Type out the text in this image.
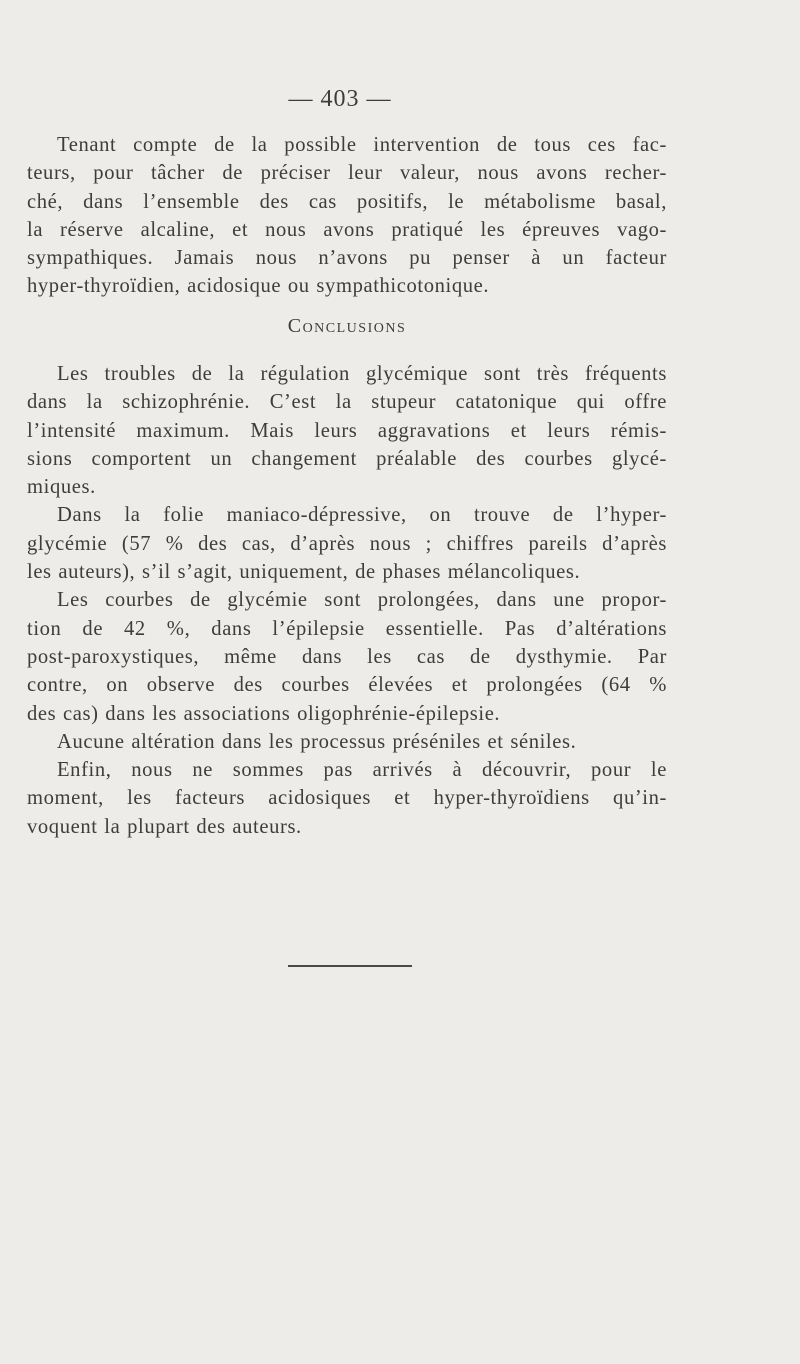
— 403 —
Tenant compte de la possible intervention de tous ces fac-
teurs, pour tâcher de préciser leur valeur, nous avons recher-
ché, dans l’ensemble des cas positifs, le métabolisme basal,
la réserve alcaline, et nous avons pratiqué les épreuves vago-
sympathiques. Jamais nous n’avons pu penser à un facteur
hyper-thyroïdien, acidosique ou sympathicotonique.
Conclusions
Les troubles de la régulation glycémique sont très fréquents
dans la schizophrénie. C’est la stupeur catatonique qui offre
l’intensité maximum. Mais leurs aggravations et leurs rémis-
sions comportent un changement préalable des courbes glycé-
miques.
Dans la folie maniaco-dépressive, on trouve de l’hyper-
glycémie (57 % des cas, d’après nous ; chiffres pareils d’après
les auteurs), s’il s’agit, uniquement, de phases mélancoliques.
Les courbes de glycémie sont prolongées, dans une propor-
tion de 42 %, dans l’épilepsie essentielle. Pas d’altérations
post-paroxystiques, même dans les cas de dysthymie. Par
contre, on observe des courbes élevées et prolongées (64 %
des cas) dans les associations oligophrénie-épilepsie.
Aucune altération dans les processus préséniles et séniles.
Enfin, nous ne sommes pas arrivés à découvrir, pour le
moment, les facteurs acidosiques et hyper-thyroïdiens qu’in-
voquent la plupart des auteurs.
